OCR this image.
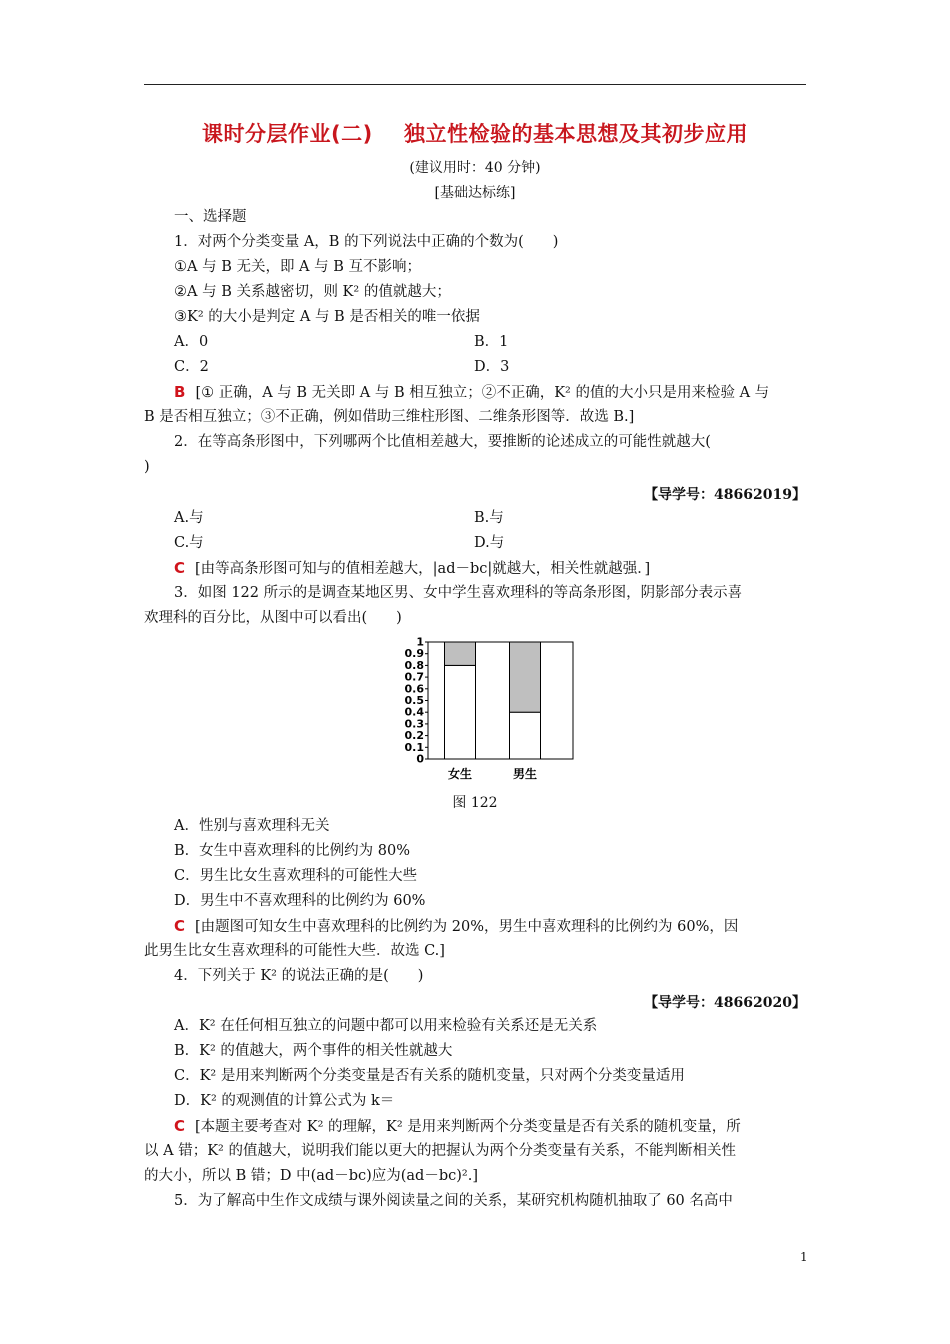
课时分层作业(二)    独立性检验的基本思想及其初步应用
(建议用时：40 分钟)
[基础达标练]
一、选择题
1．对两个分类变量 A，B 的下列说法中正确的个数为(　　)
①A 与 B 无关，即 A 与 B 互不影响；
②A 与 B 关系越密切，则 K² 的值就越大；
③K² 的大小是判定 A 与 B 是否相关的唯一依据
A．0	B．1
C．2	D．3
B [① 正确，A 与 B 无关即 A 与 B 相互独立；②不正确，K² 的值的大小只是用来检验 A 与
B 是否相互独立；③不正确，例如借助三维柱形图、二维条形图等．故选 B.]
2．在等高条形图中，下列哪两个比值相差越大，要推断的论述成立的可能性就越大(
)
【导学号：48662019】
A.与	B.与
C.与	D.与
C [由等高条形图可知与的值相差越大，|ad－bc|就越大，相关性就越强．]
3．如图 122 所示的是调查某地区男、女中学生喜欢理科的等高条形图，阴影部分表示喜
欢理科的百分比，从图中可以看出(　　)
0
0.1
0.2
0.3
0.4
0.5
0.6
0.7
0.8
0.9
1
女生	男生
图 122
A．性别与喜欢理科无关
B．女生中喜欢理科的比例约为 80%
C．男生比女生喜欢理科的可能性大些
D．男生中不喜欢理科的比例约为 60%
C [由题图可知女生中喜欢理科的比例约为 20%，男生中喜欢理科的比例约为 60%，因
此男生比女生喜欢理科的可能性大些．故选 C.]
4．下列关于 K² 的说法正确的是(　　)
【导学号：48662020】
A．K² 在任何相互独立的问题中都可以用来检验有关系还是无关系
B．K² 的值越大，两个事件的相关性就越大
C．K² 是用来判断两个分类变量是否有关系的随机变量，只对两个分类变量适用
D．K² 的观测值的计算公式为 k＝
C [本题主要考查对 K² 的理解，K² 是用来判断两个分类变量是否有关系的随机变量，所
以 A 错；K² 的值越大，说明我们能以更大的把握认为两个分类变量有关系，不能判断相关性
的大小，所以 B 错；D 中(ad－bc)应为(ad－bc)².]
5．为了解高中生作文成绩与课外阅读量之间的关系，某研究机构随机抽取了 60 名高中
1
